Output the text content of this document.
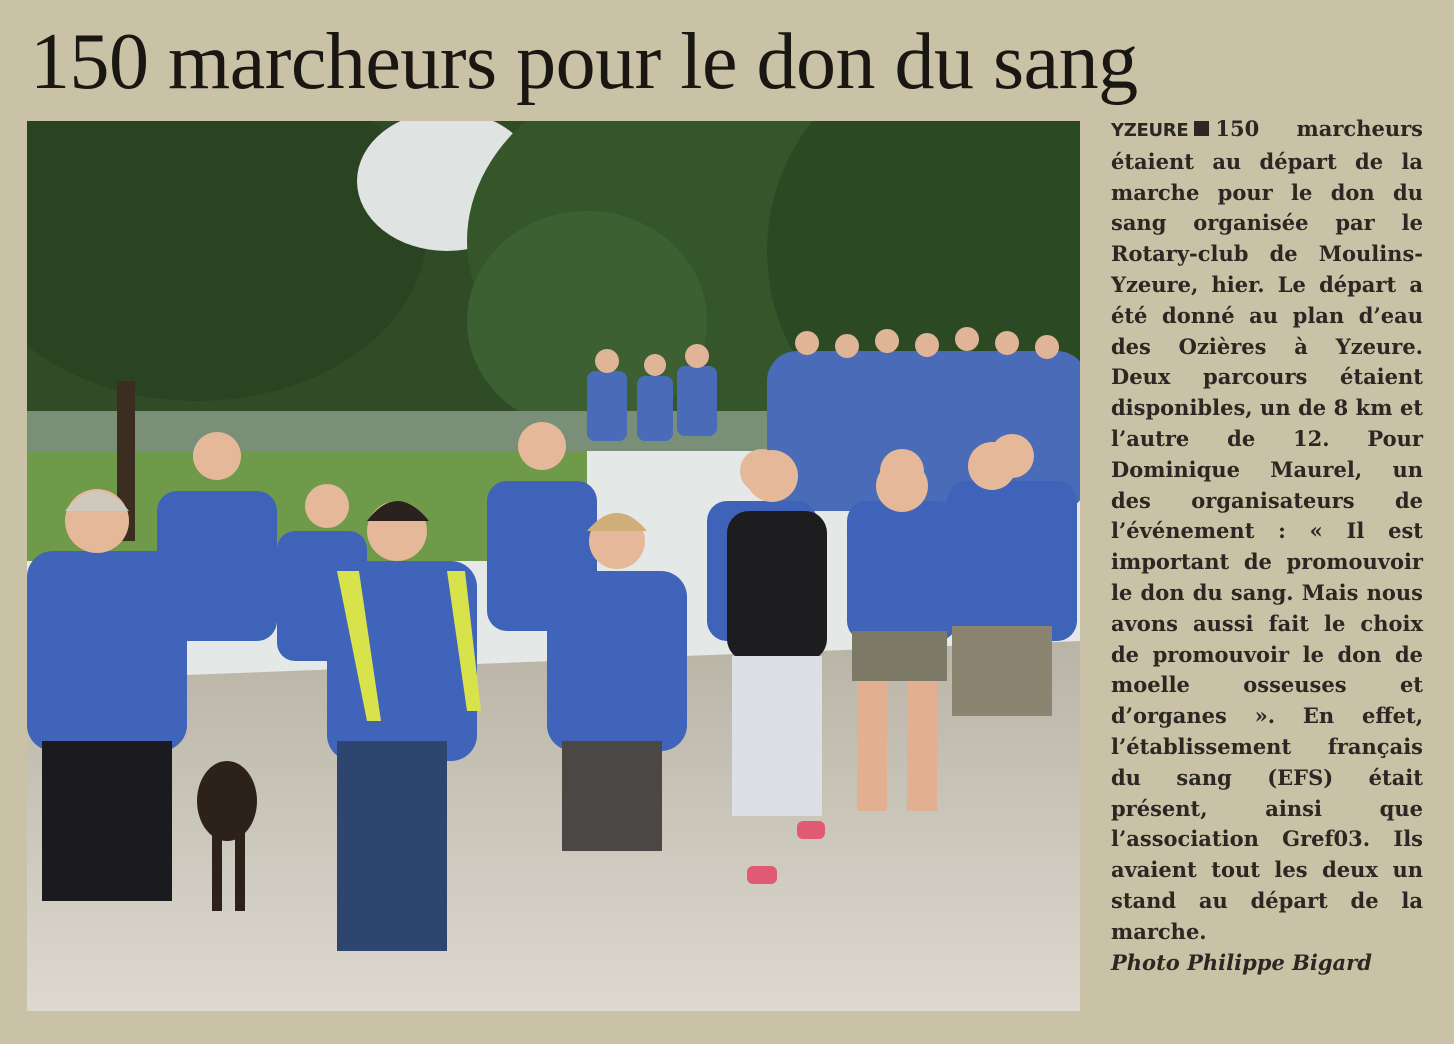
150 marcheurs pour le don du sang
YZEURE 150 marcheurs étaient au départ de la marche pour le don du sang organisée par le Rotary-club de Moulins-Yzeure, hier. Le départ a été donné au plan d’eau des Ozières à Yzeure. Deux parcours étaient disponibles, un de 8 km et l’autre de 12. Pour Dominique Maurel, un des organisateurs de l’événement : « Il est important de promouvoir le don du sang. Mais nous avons aussi fait le choix de promouvoir le don de moelle osseuses et d’organes ». En effet, l’établissement français du sang (EFS) était présent, ainsi que l’association Gref03. Ils avaient tout les deux un stand au départ de la marche.
Photo Philippe Bigard
